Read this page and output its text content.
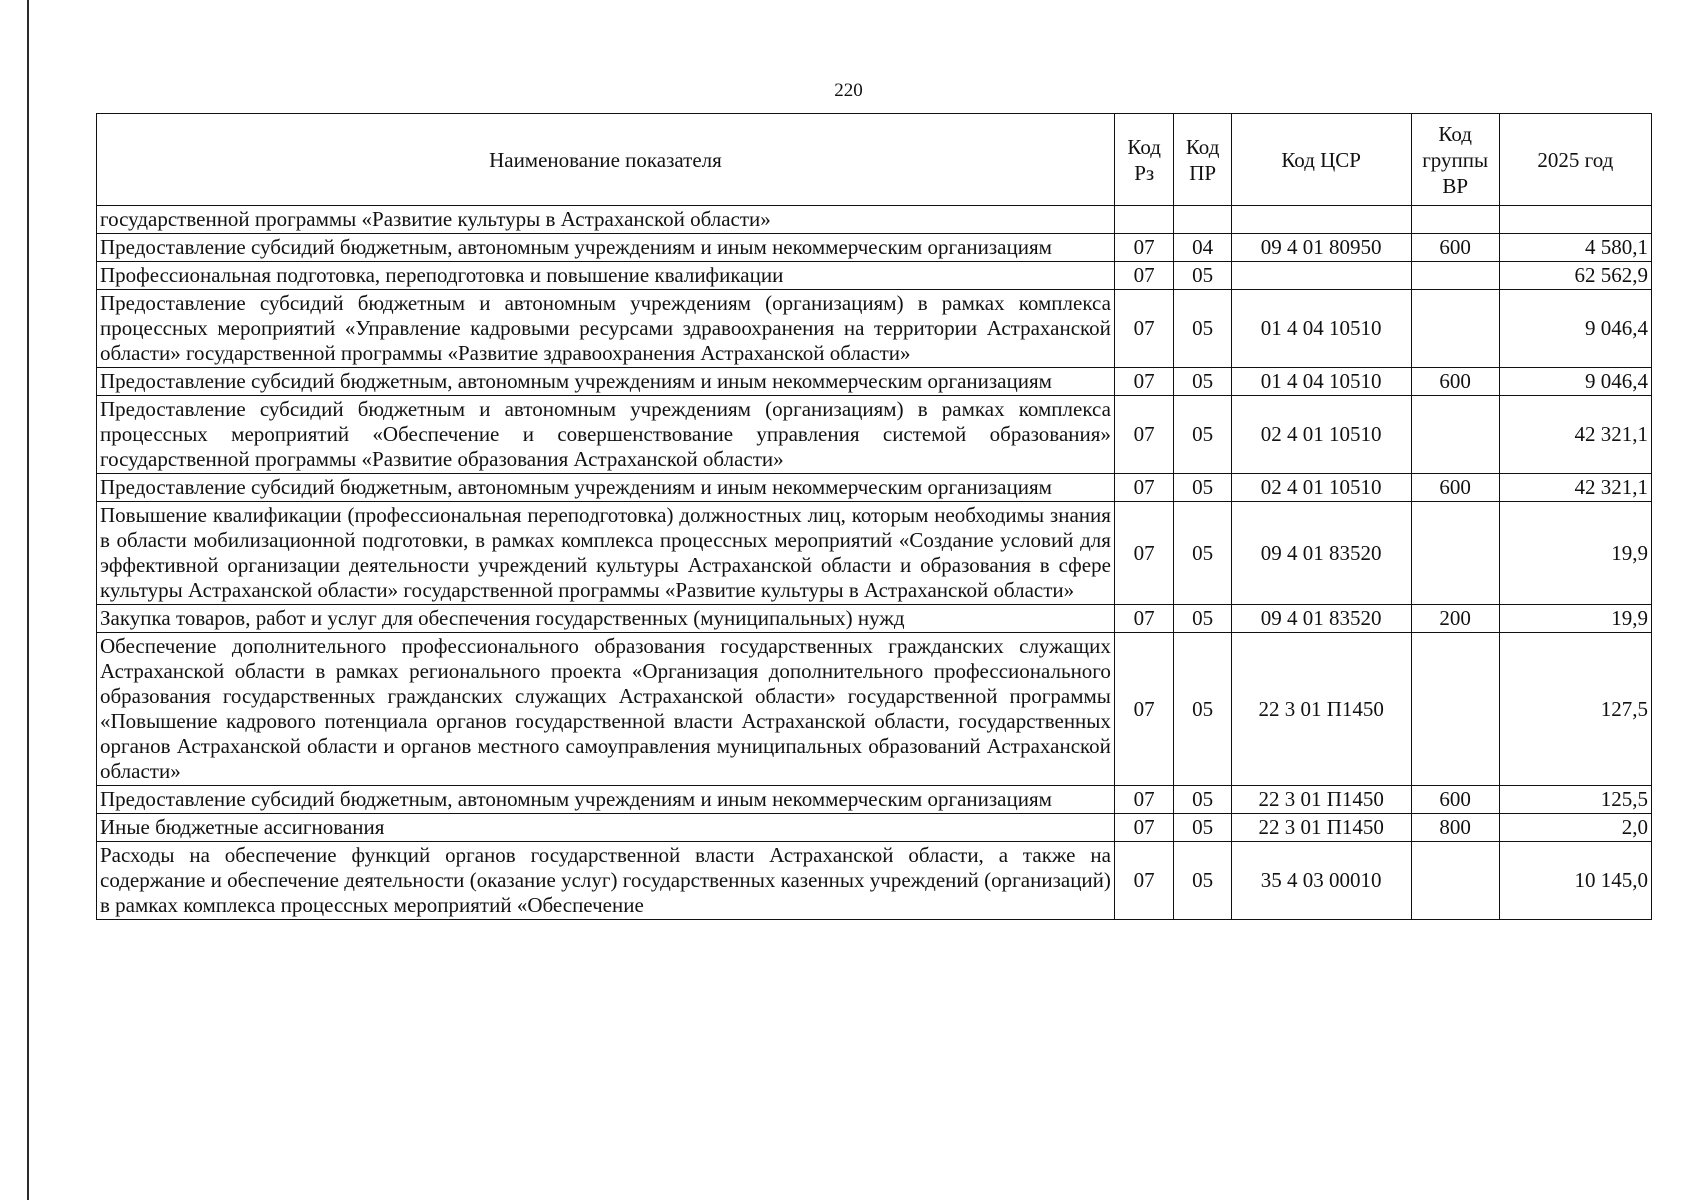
220
Наименование показателя	Код Рз	Код ПР	Код ЦСР	Код группы ВР	2025 год
государственной программы «Развитие культуры в Астраханской области»					
Предоставление субсидий бюджетным, автономным учреждениям и иным некоммерческим организациям	07	04	09 4 01 80950	600	4 580,1
Профессиональная подготовка, переподготовка и повышение квалификации	07	05			62 562,9
Предоставление субсидий бюджетным и автономным учреждениям (организациям) в рамках комплекса процессных мероприятий «Управление кадровыми ресурсами здравоохранения на территории Астраханской области» государственной программы «Развитие здравоохранения Астраханской области»	07	05	01 4 04 10510		9 046,4
Предоставление субсидий бюджетным, автономным учреждениям и иным некоммерческим организациям	07	05	01 4 04 10510	600	9 046,4
Предоставление субсидий бюджетным и автономным учреждениям (организациям) в рамках комплекса процессных мероприятий «Обеспечение и совершенствование управления системой образования» государственной программы «Развитие образования Астраханской области»	07	05	02 4 01 10510		42 321,1
Предоставление субсидий бюджетным, автономным учреждениям и иным некоммерческим организациям	07	05	02 4 01 10510	600	42 321,1
Повышение квалификации (профессиональная переподготовка) должностных лиц, которым необходимы знания в области мобилизационной подготовки, в рамках комплекса процессных мероприятий «Создание условий для эффективной организации деятельности учреждений культуры Астраханской области и образования в сфере культуры Астраханской области» государственной программы «Развитие культуры в Астраханской области»	07	05	09 4 01 83520		19,9
Закупка товаров, работ и услуг для обеспечения государственных (муниципальных) нужд	07	05	09 4 01 83520	200	19,9
Обеспечение дополнительного профессионального образования государственных гражданских служащих Астраханской области в рамках регионального проекта «Организация дополнительного профессионального образования государственных гражданских служащих Астраханской области» государственной программы «Повышение кадрового потенциала органов государственной власти Астраханской области, государственных органов Астраханской области и органов местного самоуправления муниципальных образований Астраханской области»	07	05	22 3 01 П1450		127,5
Предоставление субсидий бюджетным, автономным учреждениям и иным некоммерческим организациям	07	05	22 3 01 П1450	600	125,5
Иные бюджетные ассигнования	07	05	22 3 01 П1450	800	2,0
Расходы на обеспечение функций органов государственной власти Астраханской области, а также на содержание и обеспечение деятельности (оказание услуг) государственных казенных учреждений (организаций) в рамках комплекса процессных мероприятий «Обеспечение	07	05	35 4 03 00010		10 145,0
